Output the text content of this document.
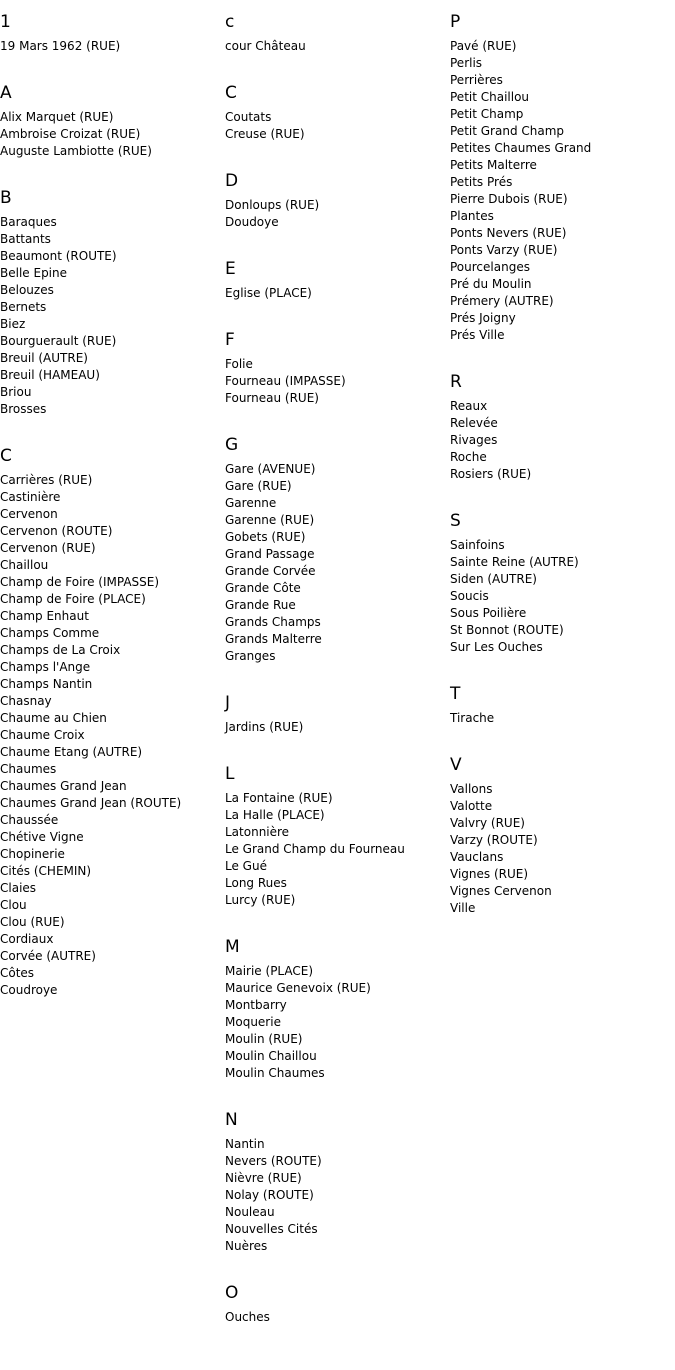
1
19 Mars 1962 (RUE)
A
Alix Marquet (RUE)
Ambroise Croizat (RUE)
Auguste Lambiotte (RUE)
B
Baraques
Battants
Beaumont (ROUTE)
Belle Epine
Belouzes
Bernets
Biez
Bourguerault (RUE)
Breuil (AUTRE)
Breuil (HAMEAU)
Briou
Brosses
C
Carrières (RUE)
Castinière
Cervenon
Cervenon (ROUTE)
Cervenon (RUE)
Chaillou
Champ de Foire (IMPASSE)
Champ de Foire (PLACE)
Champ Enhaut
Champs Comme
Champs de La Croix
Champs l'Ange
Champs Nantin
Chasnay
Chaume au Chien
Chaume Croix
Chaume Etang (AUTRE)
Chaumes
Chaumes Grand Jean
Chaumes Grand Jean (ROUTE)
Chaussée
Chétive Vigne
Chopinerie
Cités (CHEMIN)
Claies
Clou
Clou (RUE)
Cordiaux
Corvée (AUTRE)
Côtes
Coudroye
c
cour Château
C
Coutats
Creuse (RUE)
D
Donloups (RUE)
Doudoye
E
Eglise (PLACE)
F
Folie
Fourneau (IMPASSE)
Fourneau (RUE)
G
Gare (AVENUE)
Gare (RUE)
Garenne
Garenne (RUE)
Gobets (RUE)
Grand Passage
Grande Corvée
Grande Côte
Grande Rue
Grands Champs
Grands Malterre
Granges
J
Jardins (RUE)
L
La Fontaine (RUE)
La Halle (PLACE)
Latonnière
Le Grand Champ du Fourneau
Le Gué
Long Rues
Lurcy (RUE)
M
Mairie (PLACE)
Maurice Genevoix (RUE)
Montbarry
Moquerie
Moulin (RUE)
Moulin Chaillou
Moulin Chaumes
N
Nantin
Nevers (ROUTE)
Nièvre (RUE)
Nolay (ROUTE)
Nouleau
Nouvelles Cités
Nuères
O
Ouches
P
Pavé (RUE)
Perlis
Perrières
Petit Chaillou
Petit Champ
Petit Grand Champ
Petites Chaumes Grand
Petits Malterre
Petits Prés
Pierre Dubois (RUE)
Plantes
Ponts Nevers (RUE)
Ponts Varzy (RUE)
Pourcelanges
Pré du Moulin
Prémery (AUTRE)
Prés Joigny
Prés Ville
R
Reaux
Relevée
Rivages
Roche
Rosiers (RUE)
S
Sainfoins
Sainte Reine (AUTRE)
Siden (AUTRE)
Soucis
Sous Poilière
St Bonnot (ROUTE)
Sur Les Ouches
T
Tirache
V
Vallons
Valotte
Valvry (RUE)
Varzy (ROUTE)
Vauclans
Vignes (RUE)
Vignes Cervenon
Ville
